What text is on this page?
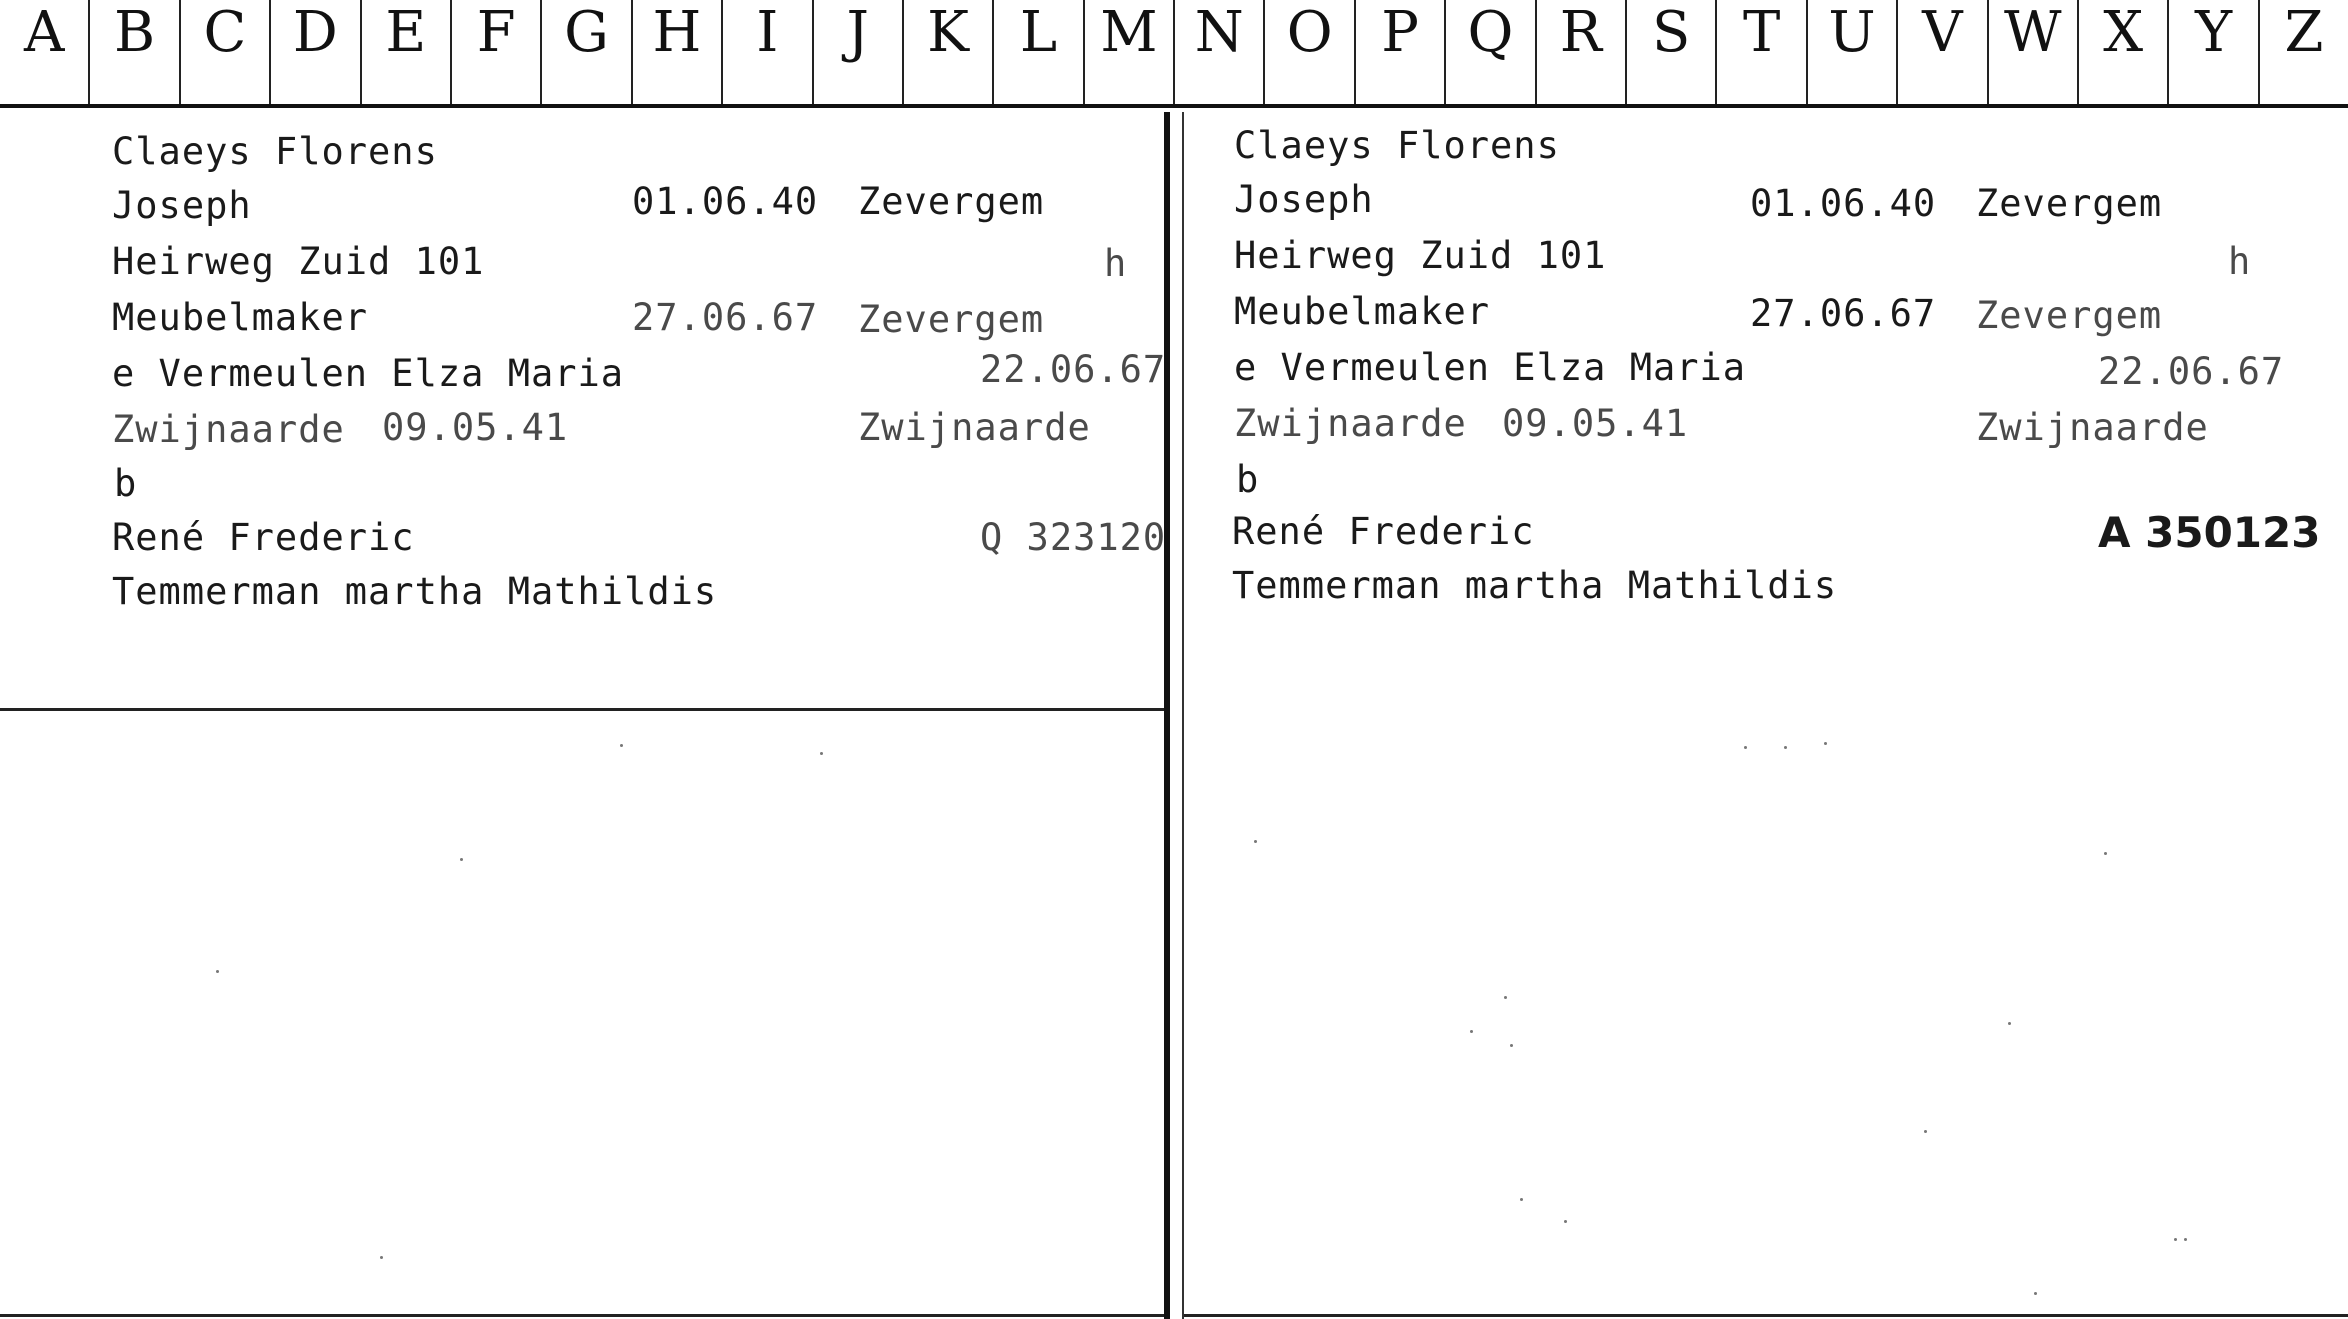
A B C D E F G H I	J	K L M N O P Q R S T U V W X Y Z
Claeys Florens
Joseph	01.06.40 Zevergem
Heirweg Zuid 101	h
Meubelmaker	27.06.67 Zevergem
e Vermeulen Elza Maria	22.06.67
Zwijnaarde 09.05.41	Zwijnaarde
b
René Frederic	Q 323120
Temmerman martha Mathildis
Claeys Florens
Joseph	01.06.40 Zevergem
Heirweg Zuid 101	h
Meubelmaker	27.06.67 Zevergem
e Vermeulen Elza Maria	22.06.67
Zwijnaarde 09.05.41	Zwijnaarde
b
René Frederic	A 350123
Temmerman martha Mathildis
